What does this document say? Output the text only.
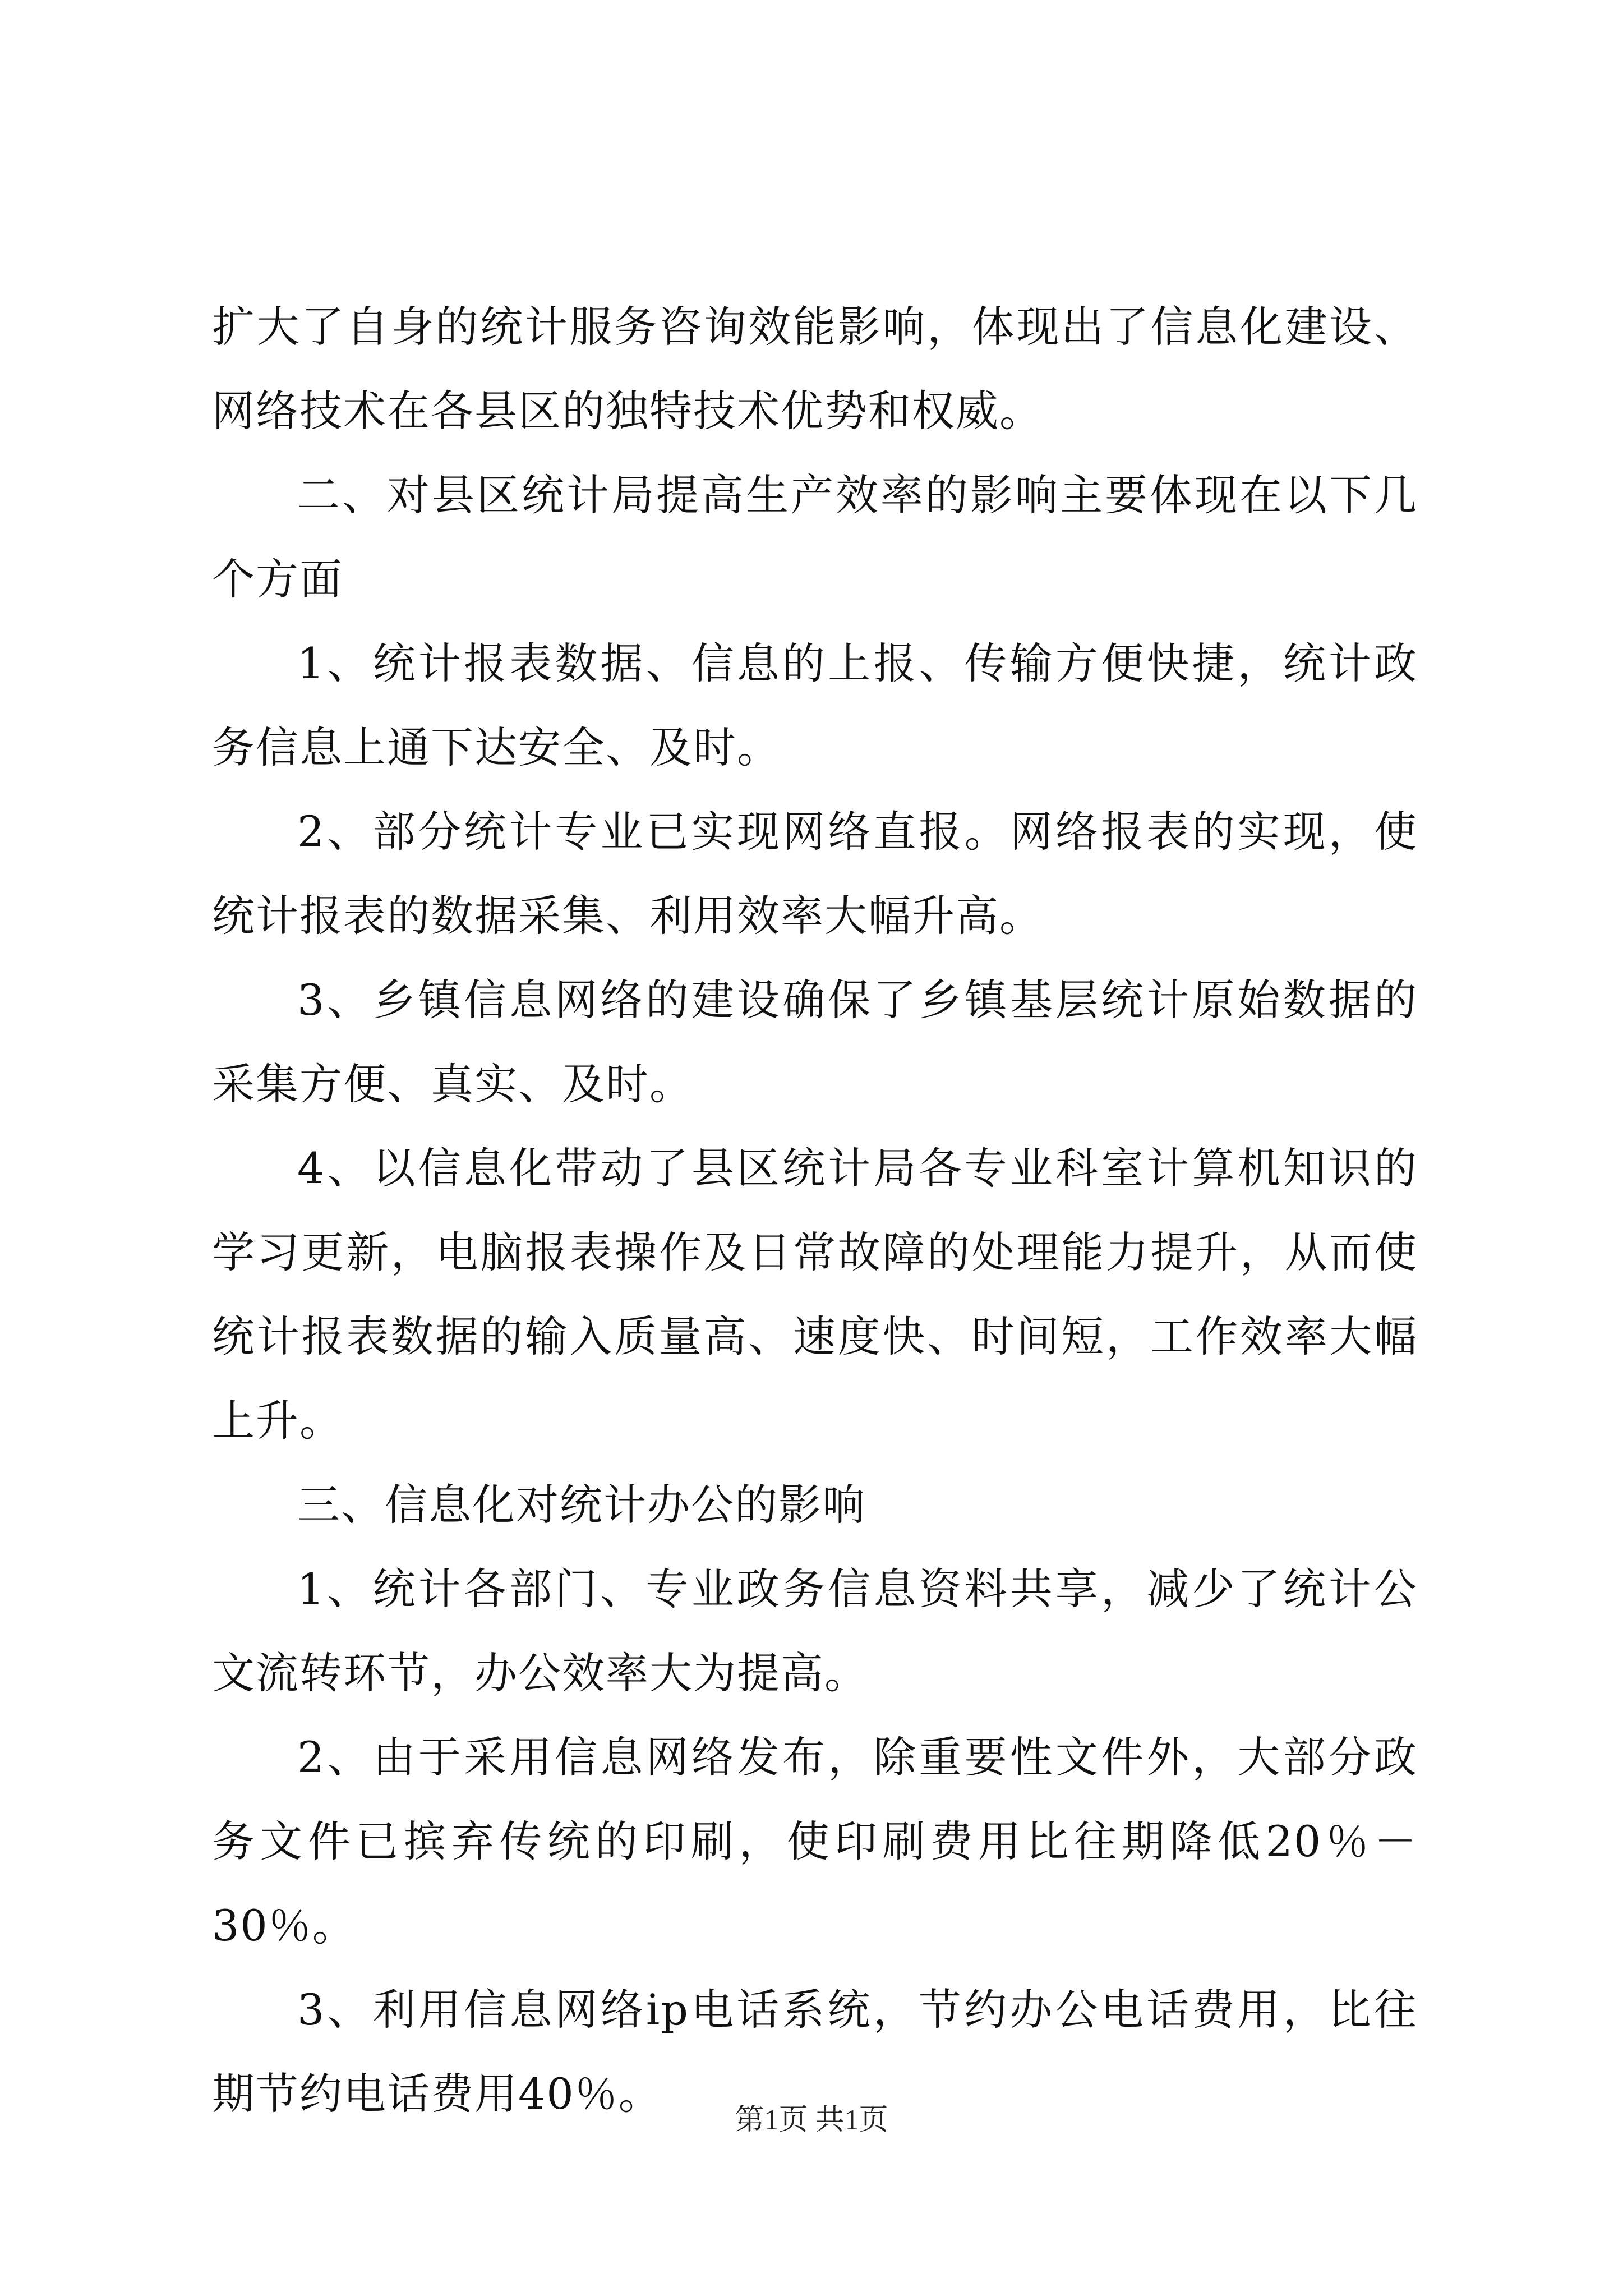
扩大了自身的统计服务咨询效能影响，体现出了信息化建设、网络技术在各县区的独特技术优势和权威。

二、对县区统计局提高生产效率的影响主要体现在以下几个方面

1、统计报表数据、信息的上报、传输方便快捷，统计政务信息上通下达安全、及时。

2、部分统计专业已实现网络直报。网络报表的实现，使统计报表的数据采集、利用效率大幅升高。

3、乡镇信息网络的建设确保了乡镇基层统计原始数据的采集方便、真实、及时。

4、以信息化带动了县区统计局各专业科室计算机知识的学习更新，电脑报表操作及日常故障的处理能力提升，从而使统计报表数据的输入质量高、速度快、时间短，工作效率大幅上升。

三、信息化对统计办公的影响

1、统计各部门、专业政务信息资料共享，减少了统计公文流转环节，办公效率大为提高。

2、由于采用信息网络发布，除重要性文件外，大部分政务文件已摈弃传统的印刷，使印刷费用比往期降低20％－30％。

3、利用信息网络ip电话系统，节约办公电话费用，比往期节约电话费用40％。

第1页 共1页
